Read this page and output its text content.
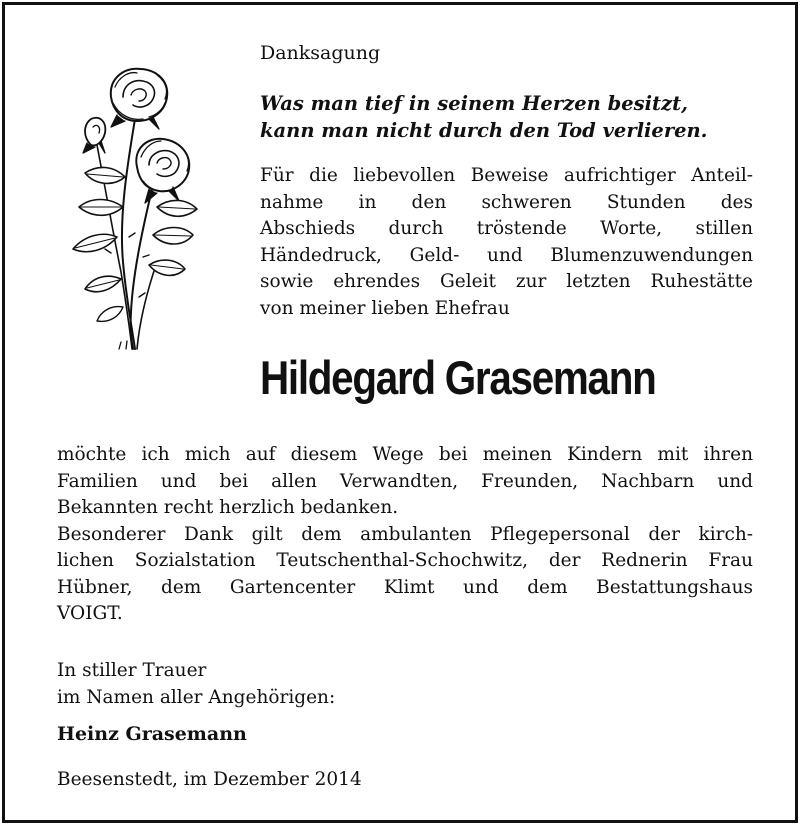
Danksagung
Was man tief in seinem Herzen besitzt,
kann man nicht durch den Tod verlieren.
Für die liebevollen Beweise aufrichtiger Anteil-
nahme in den schweren Stunden des
Abschieds durch tröstende Worte, stillen
Händedruck, Geld- und Blumenzuwendungen
sowie ehrendes Geleit zur letzten Ruhestätte
von meiner lieben Ehefrau
Hildegard Grasemann
möchte ich mich auf diesem Wege bei meinen Kindern mit ihren
Familien und bei allen Verwandten, Freunden, Nachbarn und
Bekannten recht herzlich bedanken.
Besonderer Dank gilt dem ambulanten Pflegepersonal der kirch-
lichen Sozialstation Teutschenthal-Schochwitz, der Rednerin Frau
Hübner, dem Gartencenter Klimt und dem Bestattungshaus
VOIGT.
In stiller Trauer
im Namen aller Angehörigen:
Heinz Grasemann
Beesenstedt, im Dezember 2014
